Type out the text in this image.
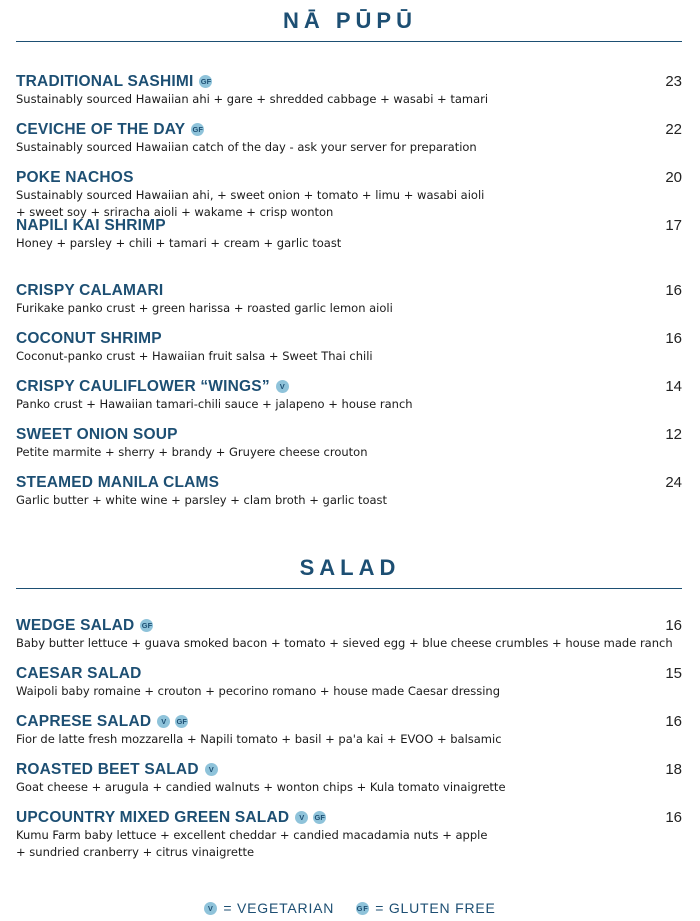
NĀ PŪPŪ
TRADITIONAL SASHIMI GF	23
Sustainably sourced Hawaiian ahi + gare + shredded cabbage + wasabi + tamari
CEVICHE OF THE DAY GF	22
Sustainably sourced Hawaiian catch of the day - ask your server for preparation
POKE NACHOS	20
Sustainably sourced Hawaiian ahi, + sweet onion + tomato + limu + wasabi aioli
+ sweet soy + sriracha aioli + wakame + crisp wonton
NAPILI KAI SHRIMP	17
Honey + parsley + chili + tamari + cream + garlic toast
CRISPY CALAMARI	16
Furikake panko crust + green harissa + roasted garlic lemon aioli
COCONUT SHRIMP	16
Coconut-panko crust + Hawaiian fruit salsa + Sweet Thai chili
CRISPY CAULIFLOWER “WINGS”	V	14
Panko crust + Hawaiian tamari-chili sauce + jalapeno + house ranch
SWEET ONION SOUP	12
Petite marmite + sherry + brandy + Gruyere cheese crouton
STEAMED MANILA CLAMS	24
Garlic butter + white wine + parsley + clam broth + garlic toast
SALAD
WEDGE SALAD GF	16
Baby butter lettuce + guava smoked bacon + tomato + sieved egg + blue cheese crumbles + house made ranch
CAESAR SALAD	15
Waipoli baby romaine + crouton + pecorino romano + house made Caesar dressing
CAPRESE SALAD	V	GF	16
Fior de latte fresh mozzarella + Napili tomato + basil + pa'a kai + EVOO + balsamic
ROASTED BEET SALAD	V	18
Goat cheese + arugula + candied walnuts + wonton chips + Kula tomato vinaigrette
UPCOUNTRY MIXED GREEN SALAD	V	GF	16
Kumu Farm baby lettuce + excellent cheddar + candied macadamia nuts + apple
+ sundried cranberry + citrus vinaigrette
V = VEGETARIAN	GF = GLUTEN FREE
